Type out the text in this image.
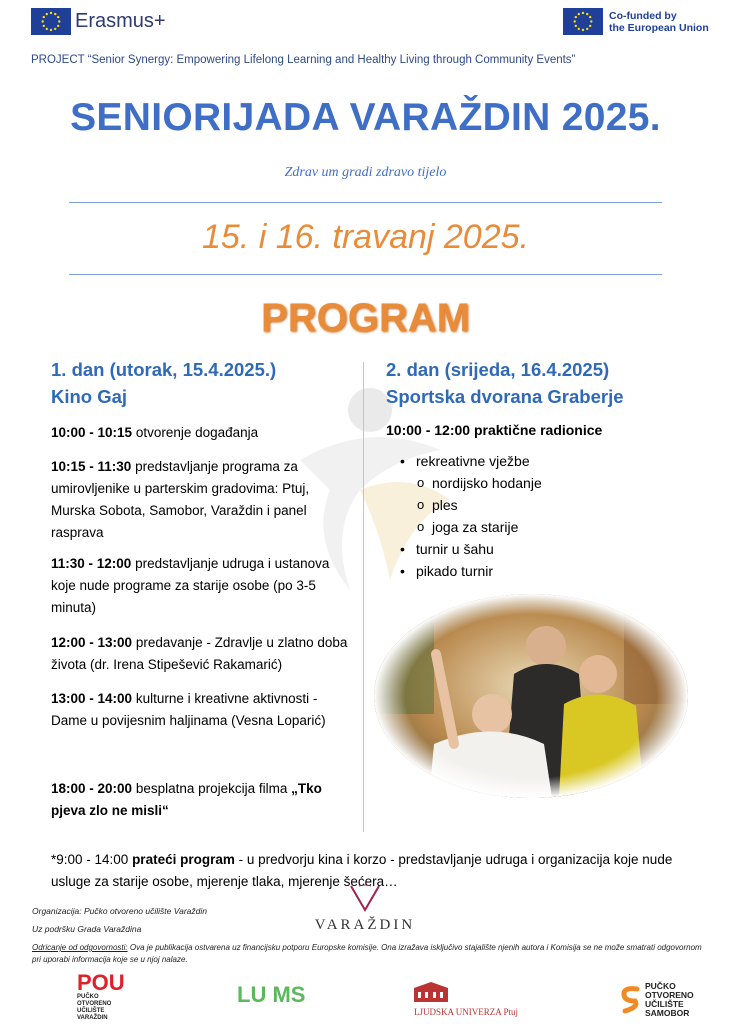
Erasmus+	Co-funded by
the European Union
PROJECT “Senior Synergy: Empowering Lifelong Learning and Healthy Living through Community Events”
SENIORIJADA VARAŽDIN 2025.
Zdrav um gradi zdravo tijelo
15. i 16. travanj 2025.
PROGRAM
1. dan (utorak, 15.4.2025.)
Kino Gaj
10:00 - 10:15 otvorenje događanja
10:15 - 11:30 predstavljanje programa za umirovljenike u parterskim gradovima: Ptuj, Murska Sobota, Samobor, Varaždin i panel rasprava
11:30 - 12:00 predstavljanje udruga i ustanova koje nude programe za starije osobe (po 3-5 minuta)
12:00 - 13:00 predavanje - Zdravlje u zlatno doba života (dr. Irena Stipešević Rakamarić)
13:00 - 14:00 kulturne i kreativne aktivnosti - Dame u povijesnim haljinama (Vesna Loparić)
18:00 - 20:00 besplatna projekcija filma „Tko pjeva zlo ne misli“
2. dan (srijeda, 16.4.2025)
Sportska dvorana Graberje
10:00 - 12:00 praktične radionice
• rekreativne vježbe
o nordijsko hodanje
o ples
o joga za starije
• turnir u šahu
• pikado turnir
*9:00 - 14:00 prateći program - u predvorju kina i korzo - predstavljanje udruga i organizacija koje nude usluge za starije osobe, mjerenje tlaka, mjerenje šećera…
Organizacija: Pučko otvoreno učilište Varaždin
Uz podršku Grada Varaždina	VARAŽDIN
Odricanje od odgovornosti: Ova je publikacija ostvarena uz financijsku potporu Europske komisije. Ona izražava isključivo stajalište njenih autora i Komisija se ne može smatrati odgovornom pri uporabi informacija koje se u njoj nalaze.
POU
PUČKO
OTVORENO
UČILIŠTE
VARAŽDIN
LU MS
LJUDSKA UNIVERZA Ptuj
PUČKO
OTVORENO
UČILIŠTE
SAMOBOR
